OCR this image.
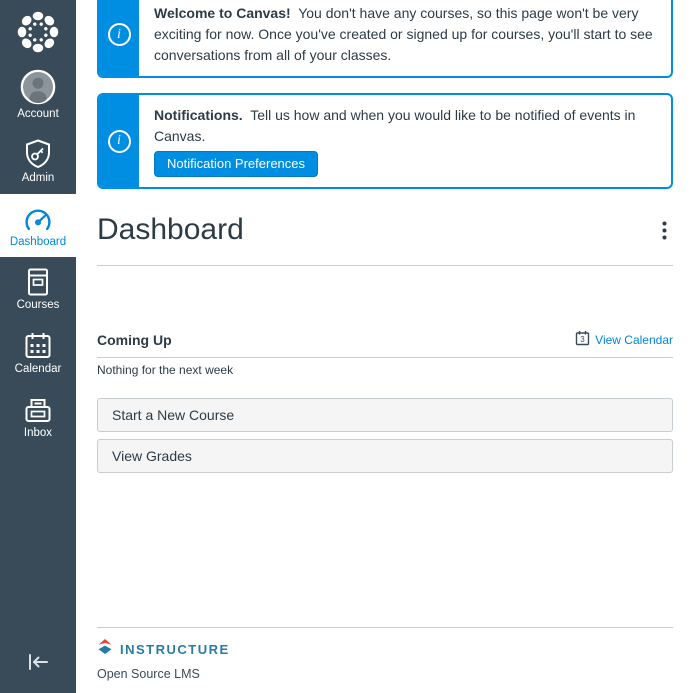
Account
Admin
Dashboard
Courses
Calendar
Inbox
i

Welcome to Canvas! You don't have any courses, so this page won't be very exciting for now. Once you've created or signed up for courses, you'll start to see conversations from all of your classes.

i

Notifications. Tell us how and when you would like to be notified of events in Canvas.

Notification Preferences
Dashboard
Coming Up	3 View Calendar

Nothing for the next week

Start a New Course
View Grades
INSTRUCTURE

Open Source LMS
